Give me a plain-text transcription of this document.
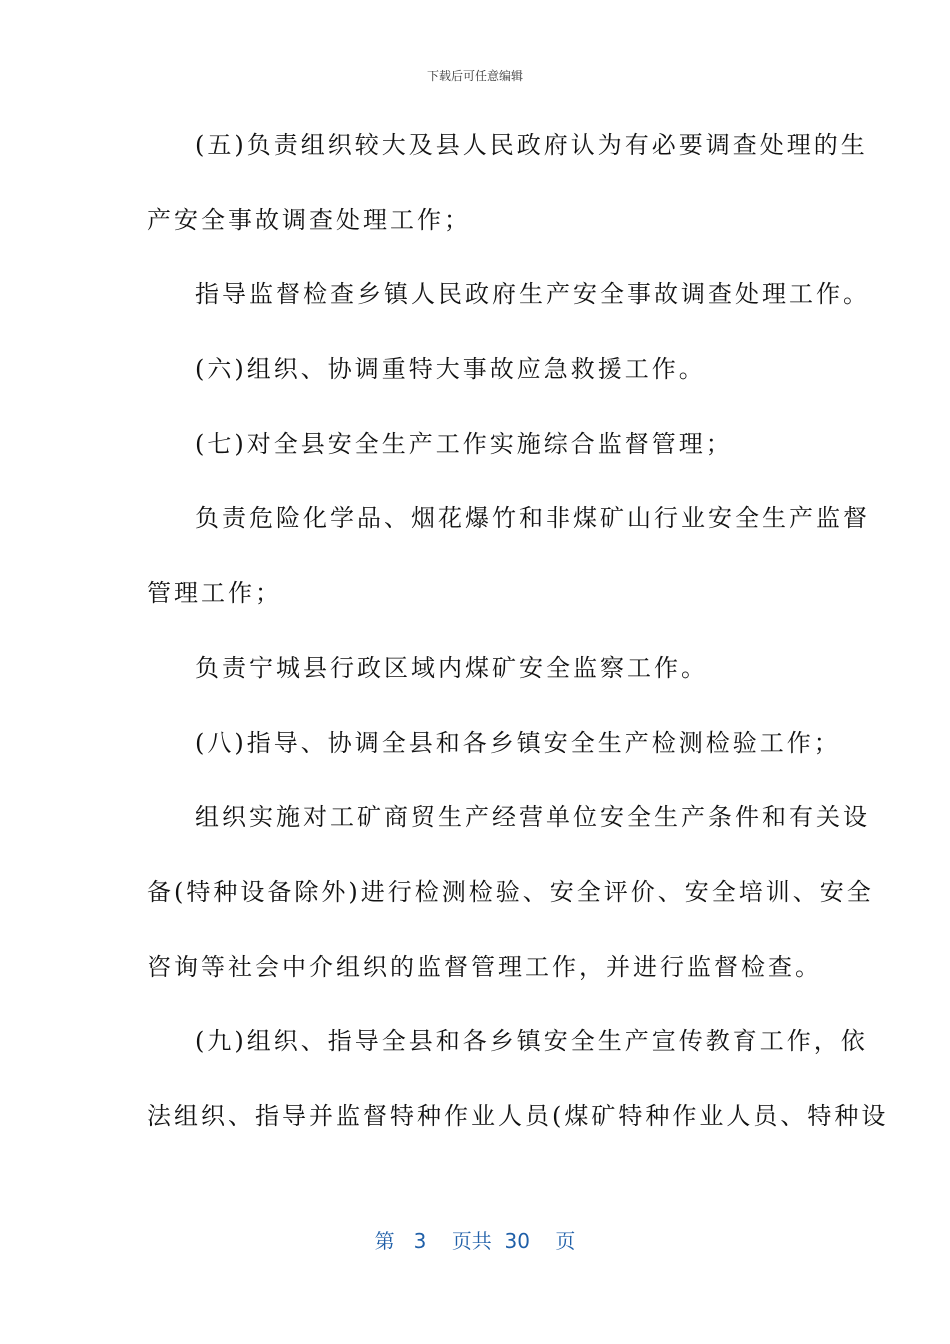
下载后可任意编辑
(五)负责组织较大及县人民政府认为有必要调查处理的生
产安全事故调查处理工作；
指导监督检查乡镇人民政府生产安全事故调查处理工作。
(六)组织、协调重特大事故应急救援工作。
(七)对全县安全生产工作实施综合监督管理；
负责危险化学品、烟花爆竹和非煤矿山行业安全生产监督
管理工作；
负责宁城县行政区域内煤矿安全监察工作。
(八)指导、协调全县和各乡镇安全生产检测检验工作；
组织实施对工矿商贸生产经营单位安全生产条件和有关设
备(特种设备除外)进行检测检验、安全评价、安全培训、安全
咨询等社会中介组织的监督管理工作，并进行监督检查。
(九)组织、指导全县和各乡镇安全生产宣传教育工作，依
法组织、指导并监督特种作业人员(煤矿特种作业人员、特种设
第 3 页共 30 页
